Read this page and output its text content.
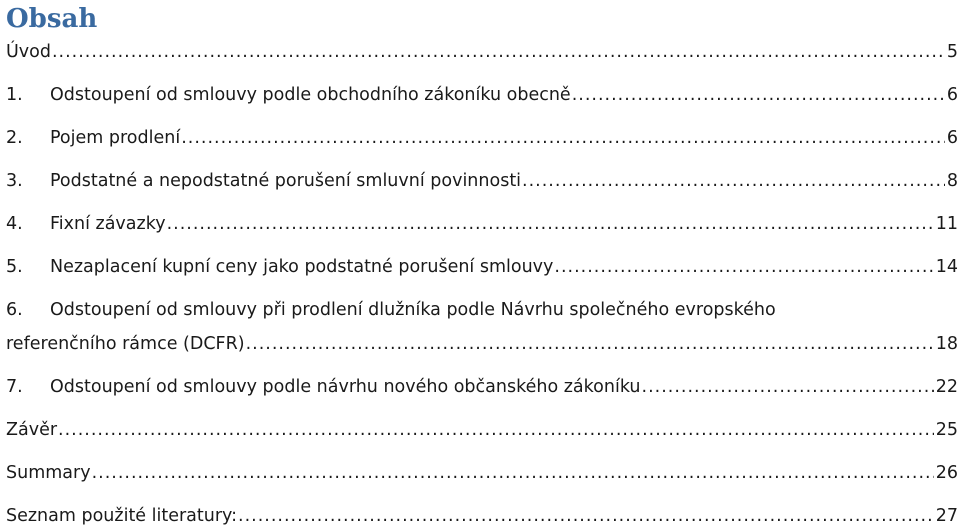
Obsah
Úvod .....	5
1.	Odstoupení od smlouvy podle obchodního zákoníku obecně .....	6
2.	Pojem prodlení .....	6
3.	Podstatné a nepodstatné porušení smluvní povinnosti .....	8
4.	Fixní závazky .....	11
5.	Nezaplacení kupní ceny jako podstatné porušení smlouvy .....	14
6. Odstoupení od smlouvy při prodlení dlužníka podle Návrhu společného evropského
referenčního rámce (DCFR) .....	18
7.	Odstoupení od smlouvy podle návrhu nového občanského zákoníku .....	22
Závěr .....	25
Summary .....	26
Seznam použité literatury: .....	27
